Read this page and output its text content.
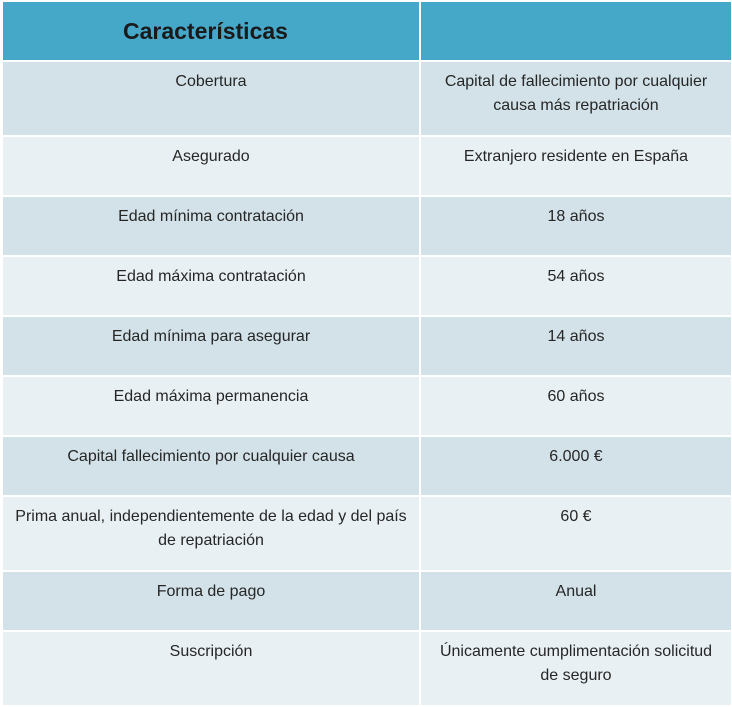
Características	
Cobertura	Capital de fallecimiento por cualquier causa más repatriación
Asegurado	Extranjero residente en España
Edad mínima contratación	18 años
Edad máxima contratación	54 años
Edad mínima para asegurar	14 años
Edad máxima permanencia	60 años
Capital fallecimiento por cualquier causa	6.000 €
Prima anual, independientemente de la edad y del país de repatriación	60 €
Forma de pago	Anual
Suscripción	Únicamente cumplimentación solicitud de seguro
